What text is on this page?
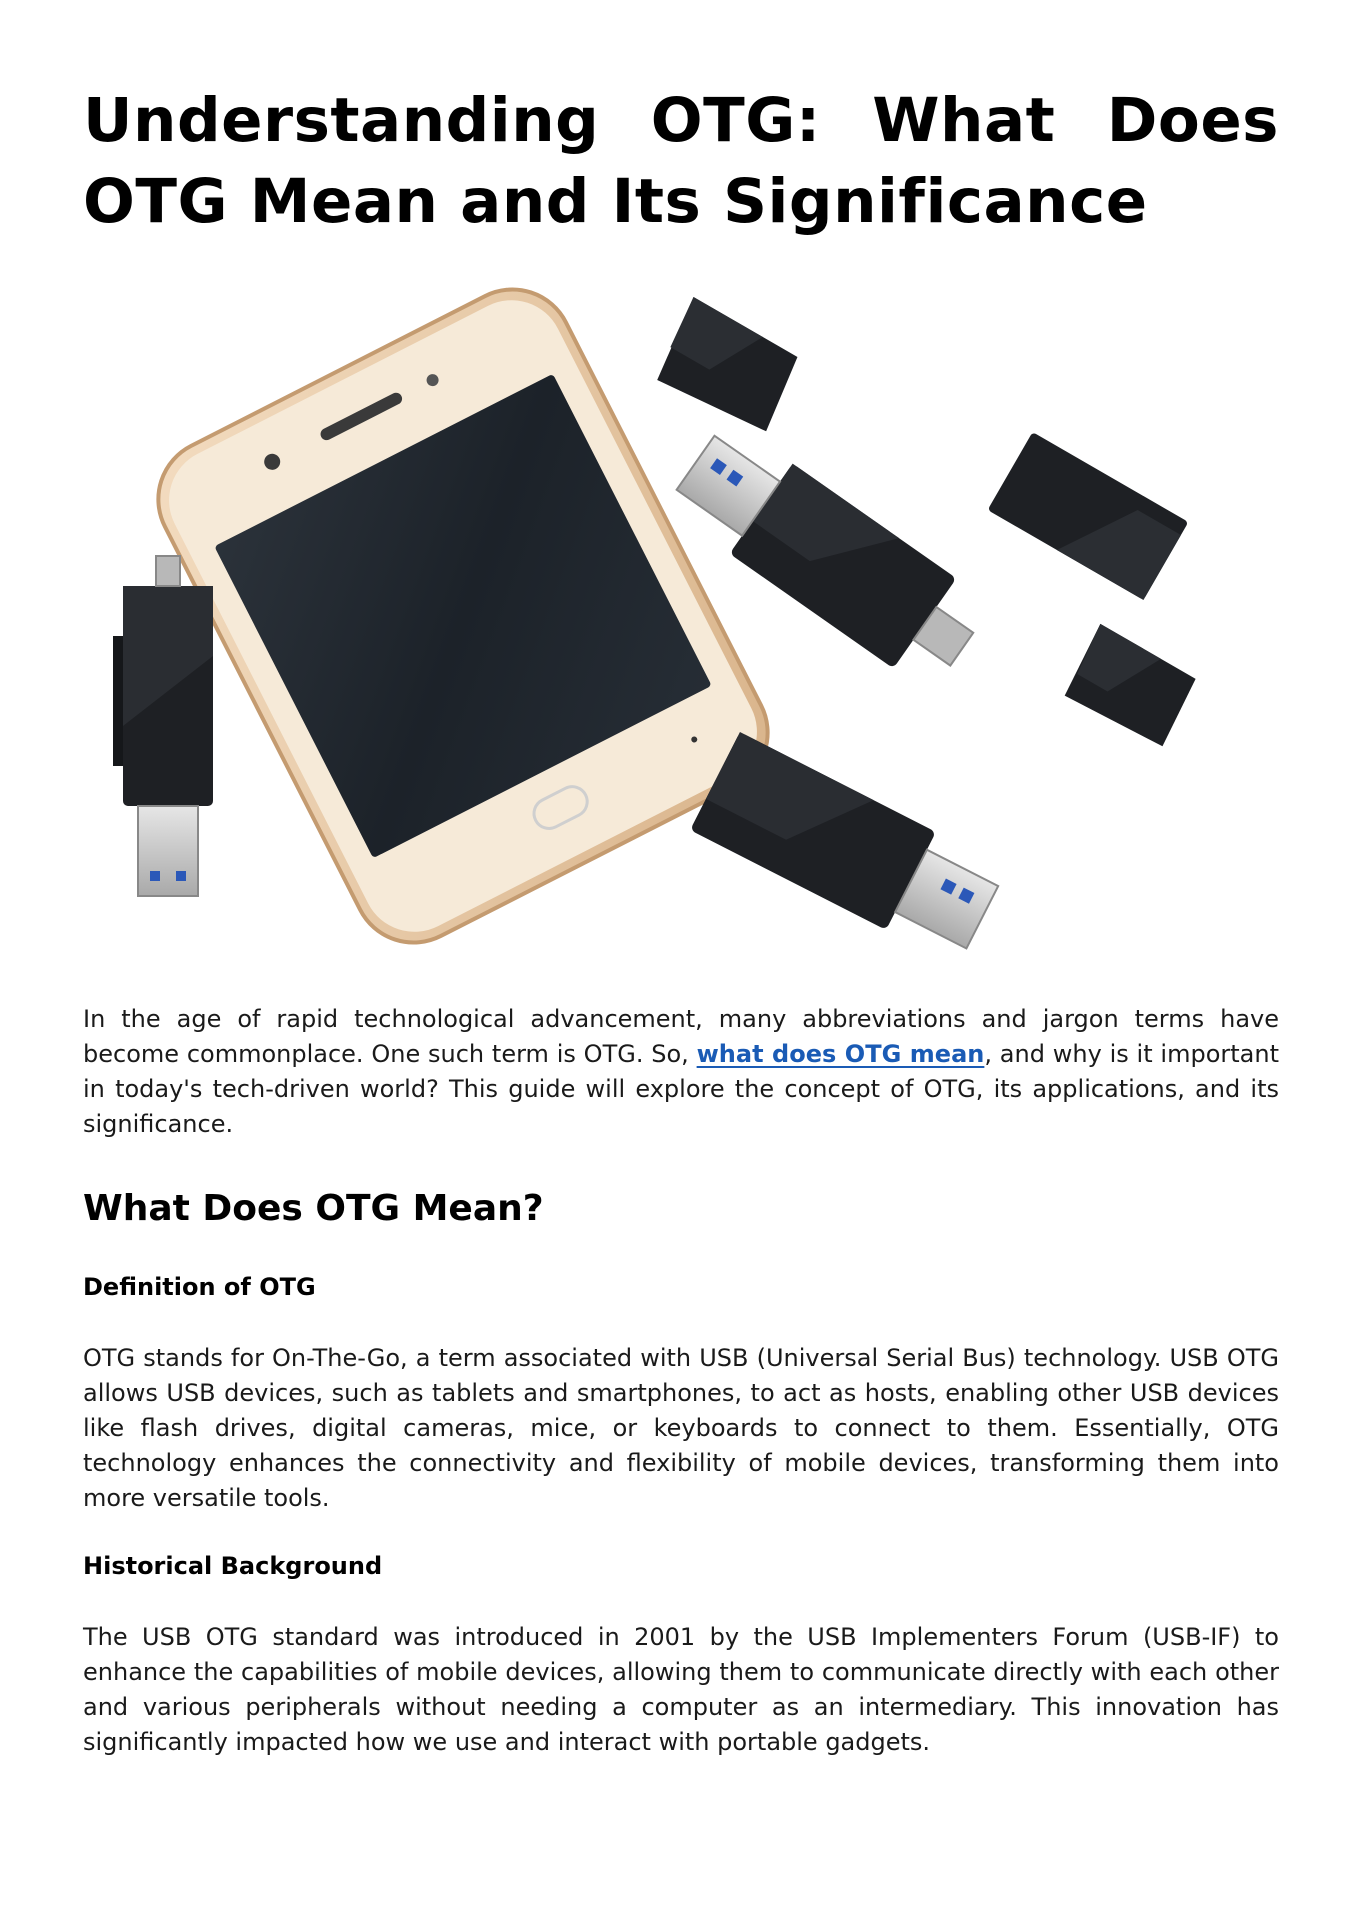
Understanding OTG: What Does OTG Mean and Its Significance

In the age of rapid technological advancement, many abbreviations and jargon terms have become commonplace. One such term is OTG. So, what does OTG mean, and why is it important in today's tech-driven world? This guide will explore the concept of OTG, its applications, and its significance.

What Does OTG Mean?
Definition of OTG

OTG stands for On-The-Go, a term associated with USB (Universal Serial Bus) technology. USB OTG allows USB devices, such as tablets and smartphones, to act as hosts, enabling other USB devices like flash drives, digital cameras, mice, or keyboards to connect to them. Essentially, OTG technology enhances the connectivity and flexibility of mobile devices, transforming them into more versatile tools.

Historical Background

The USB OTG standard was introduced in 2001 by the USB Implementers Forum (USB-IF) to enhance the capabilities of mobile devices, allowing them to communicate directly with each other and various peripherals without needing a computer as an intermediary. This innovation has significantly impacted how we use and interact with portable gadgets.
